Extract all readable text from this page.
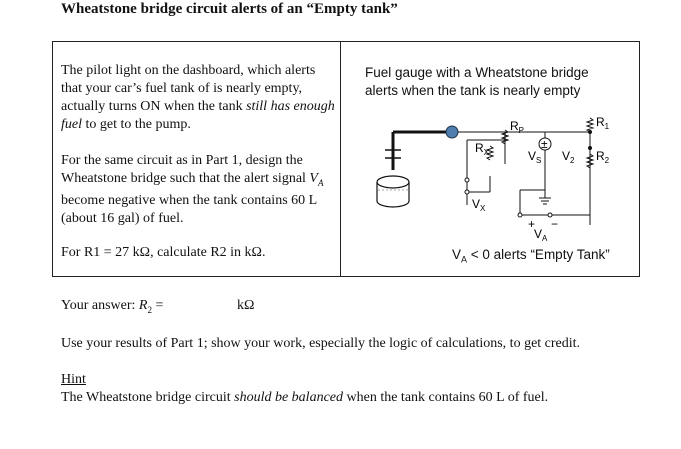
Wheatstone bridge circuit alerts of an “Empty tank”

The pilot light on the dashboard, which alerts that your car’s fuel tank of is nearly empty, actually turns ON when the tank still has enough fuel to get to the pump.

For the same circuit as in Part 1, design the Wheatstone bridge such that the alert signal $V_A$ become negative when the tank contains 60 L (about 16 gal) of fuel.

For R1 = 27 kΩ, calculate R2 in kΩ.

Fuel gauge with a Wheatstone bridge alerts when the tank is nearly empty
±
$R_P$
$R_1$
$R_X$	$V_S$ $V_2$ $R_2$
$V_X$
+
$V_A$
−
$V_A < 0$ alerts “Empty Tank”
Your answer: $R_2$ =	kΩ
Use your results of Part 1; show your work, especially the logic of calculations, to get credit.
Hint
The Wheatstone bridge circuit should be balanced when the tank contains 60 L of fuel.
